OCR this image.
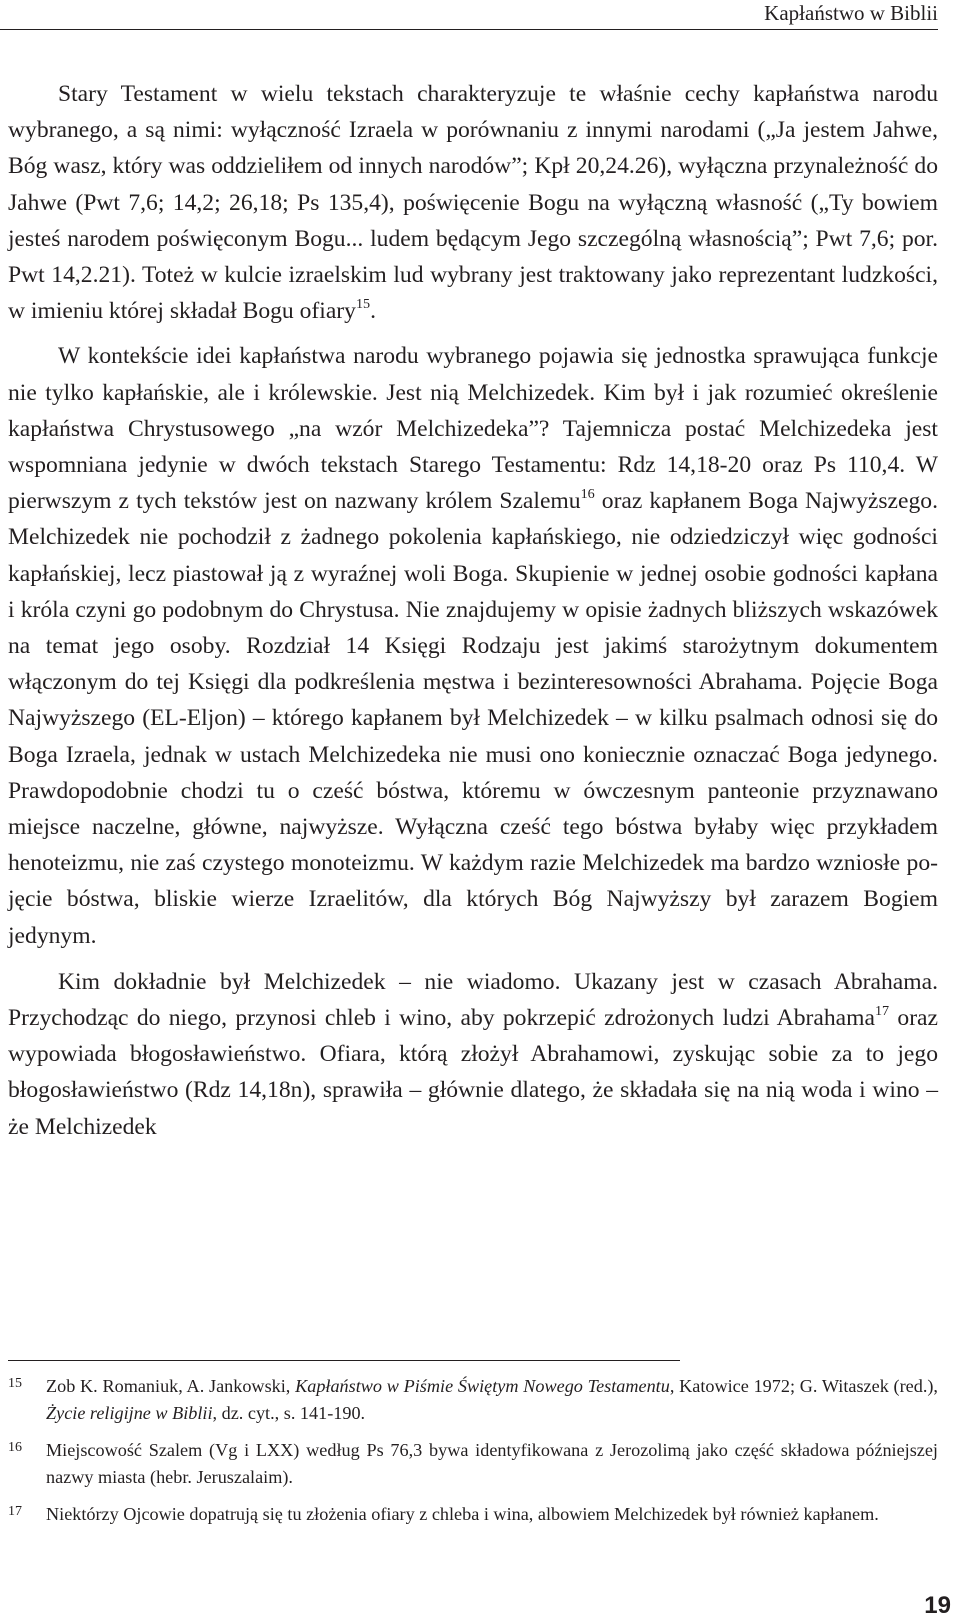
Kapłaństwo w Biblii

Stary Testament w wielu tekstach charakteryzuje te właśnie cechy kapłaństwa narodu wybranego, a są nimi: wyłączność Izraela w porównaniu z innymi narodami („Ja jestem Jahwe, Bóg wasz, który was oddzieliłem od innych narodów”; Kpł 20,24.26), wyłączna przynależność do Jahwe (Pwt 7,6; 14,2; 26,18; Ps 135,4), poświęcenie Bogu na wyłączną własność („Ty bowiem jesteś narodem poświęconym Bogu... ludem będącym Jego szczególną własnością”; Pwt 7,6; por. Pwt 14,2.21). Toteż w kulcie izraelskim lud wybrany jest traktowany jako reprezentant ludzkości, w imieniu której składał Bogu ofiary$^{15}$.

W kontekście idei kapłaństwa narodu wybranego pojawia się jednostka sprawująca funkcje nie tylko kapłańskie, ale i królewskie. Jest nią Melchizedek. Kim był i jak rozumieć określenie kapłaństwa Chrystusowego „na wzór Melchizedeka”? Tajemnicza postać Melchizedeka jest wspomniana jedynie w dwóch tekstach Starego Testamentu: Rdz 14,18-20 oraz Ps 110,4. W pierwszym z tych tekstów jest on nazwany królem Szalemu$^{16}$ oraz kapłanem Boga Najwyższego. Melchizedek nie pochodził z żadnego pokolenia kapłańskiego, nie odziedziczył więc godności kapłańskiej, lecz piastował ją z wyraźnej woli Boga. Skupienie w jednej osobie godności kapłana i króla czyni go podobnym do Chrystusa. Nie znajdujemy w opisie żadnych bliższych wskazówek na temat jego osoby. Rozdział 14 Księgi Rodzaju jest jakimś starożytnym dokumentem włączonym do tej Księgi dla podkreślenia męstwa i bezinteresowności Abrahama. Pojęcie Boga Najwyższego (EL-Eljon) – którego kapłanem był Melchizedek – w kilku psalmach odnosi się do Boga Izraela, jednak w ustach Melchizedeka nie musi ono koniecznie oznaczać Boga jedynego. Prawdopodobnie chodzi tu o cześć bóstwa, któremu w ówczesnym panteonie przyznawano miejsce naczelne, główne, najwyższe. Wyłączna cześć tego bóstwa byłaby więc przykładem henoteizmu, nie zaś czystego monoteizmu. W każdym razie Melchizedek ma bardzo wzniosłe pojęcie bóstwa, bliskie wierze Izraelitów, dla których Bóg Najwyższy był zarazem Bogiem jedynym.

Kim dokładnie był Melchizedek – nie wiadomo. Ukazany jest w czasach Abrahama. Przychodząc do niego, przynosi chleb i wino, aby pokrzepić zdrożonych ludzi Abrahama$^{17}$ oraz wypowiada błogosławieństwo. Ofiara, którą złożył Abrahamowi, zyskując sobie za to jego błogosławieństwo (Rdz 14,18n), sprawiła – głównie dlatego, że składała się na nią woda i wino – że Melchizedek

15	Zob K. Romaniuk, A. Jankowski, Kapłaństwo w Piśmie Świętym Nowego Testamentu, Katowice 1972; G. Witaszek (red.), Życie religijne w Biblii, dz. cyt., s. 141-190.
16	Miejscowość Szalem (Vg i LXX) według Ps 76,3 bywa identyfikowana z Jerozolimą jako część składowa późniejszej nazwy miasta (hebr. Jeruszalaim).
17	Niektórzy Ojcowie dopatrują się tu złożenia ofiary z chleba i wina, albowiem Melchizedek był również kapłanem.
19
